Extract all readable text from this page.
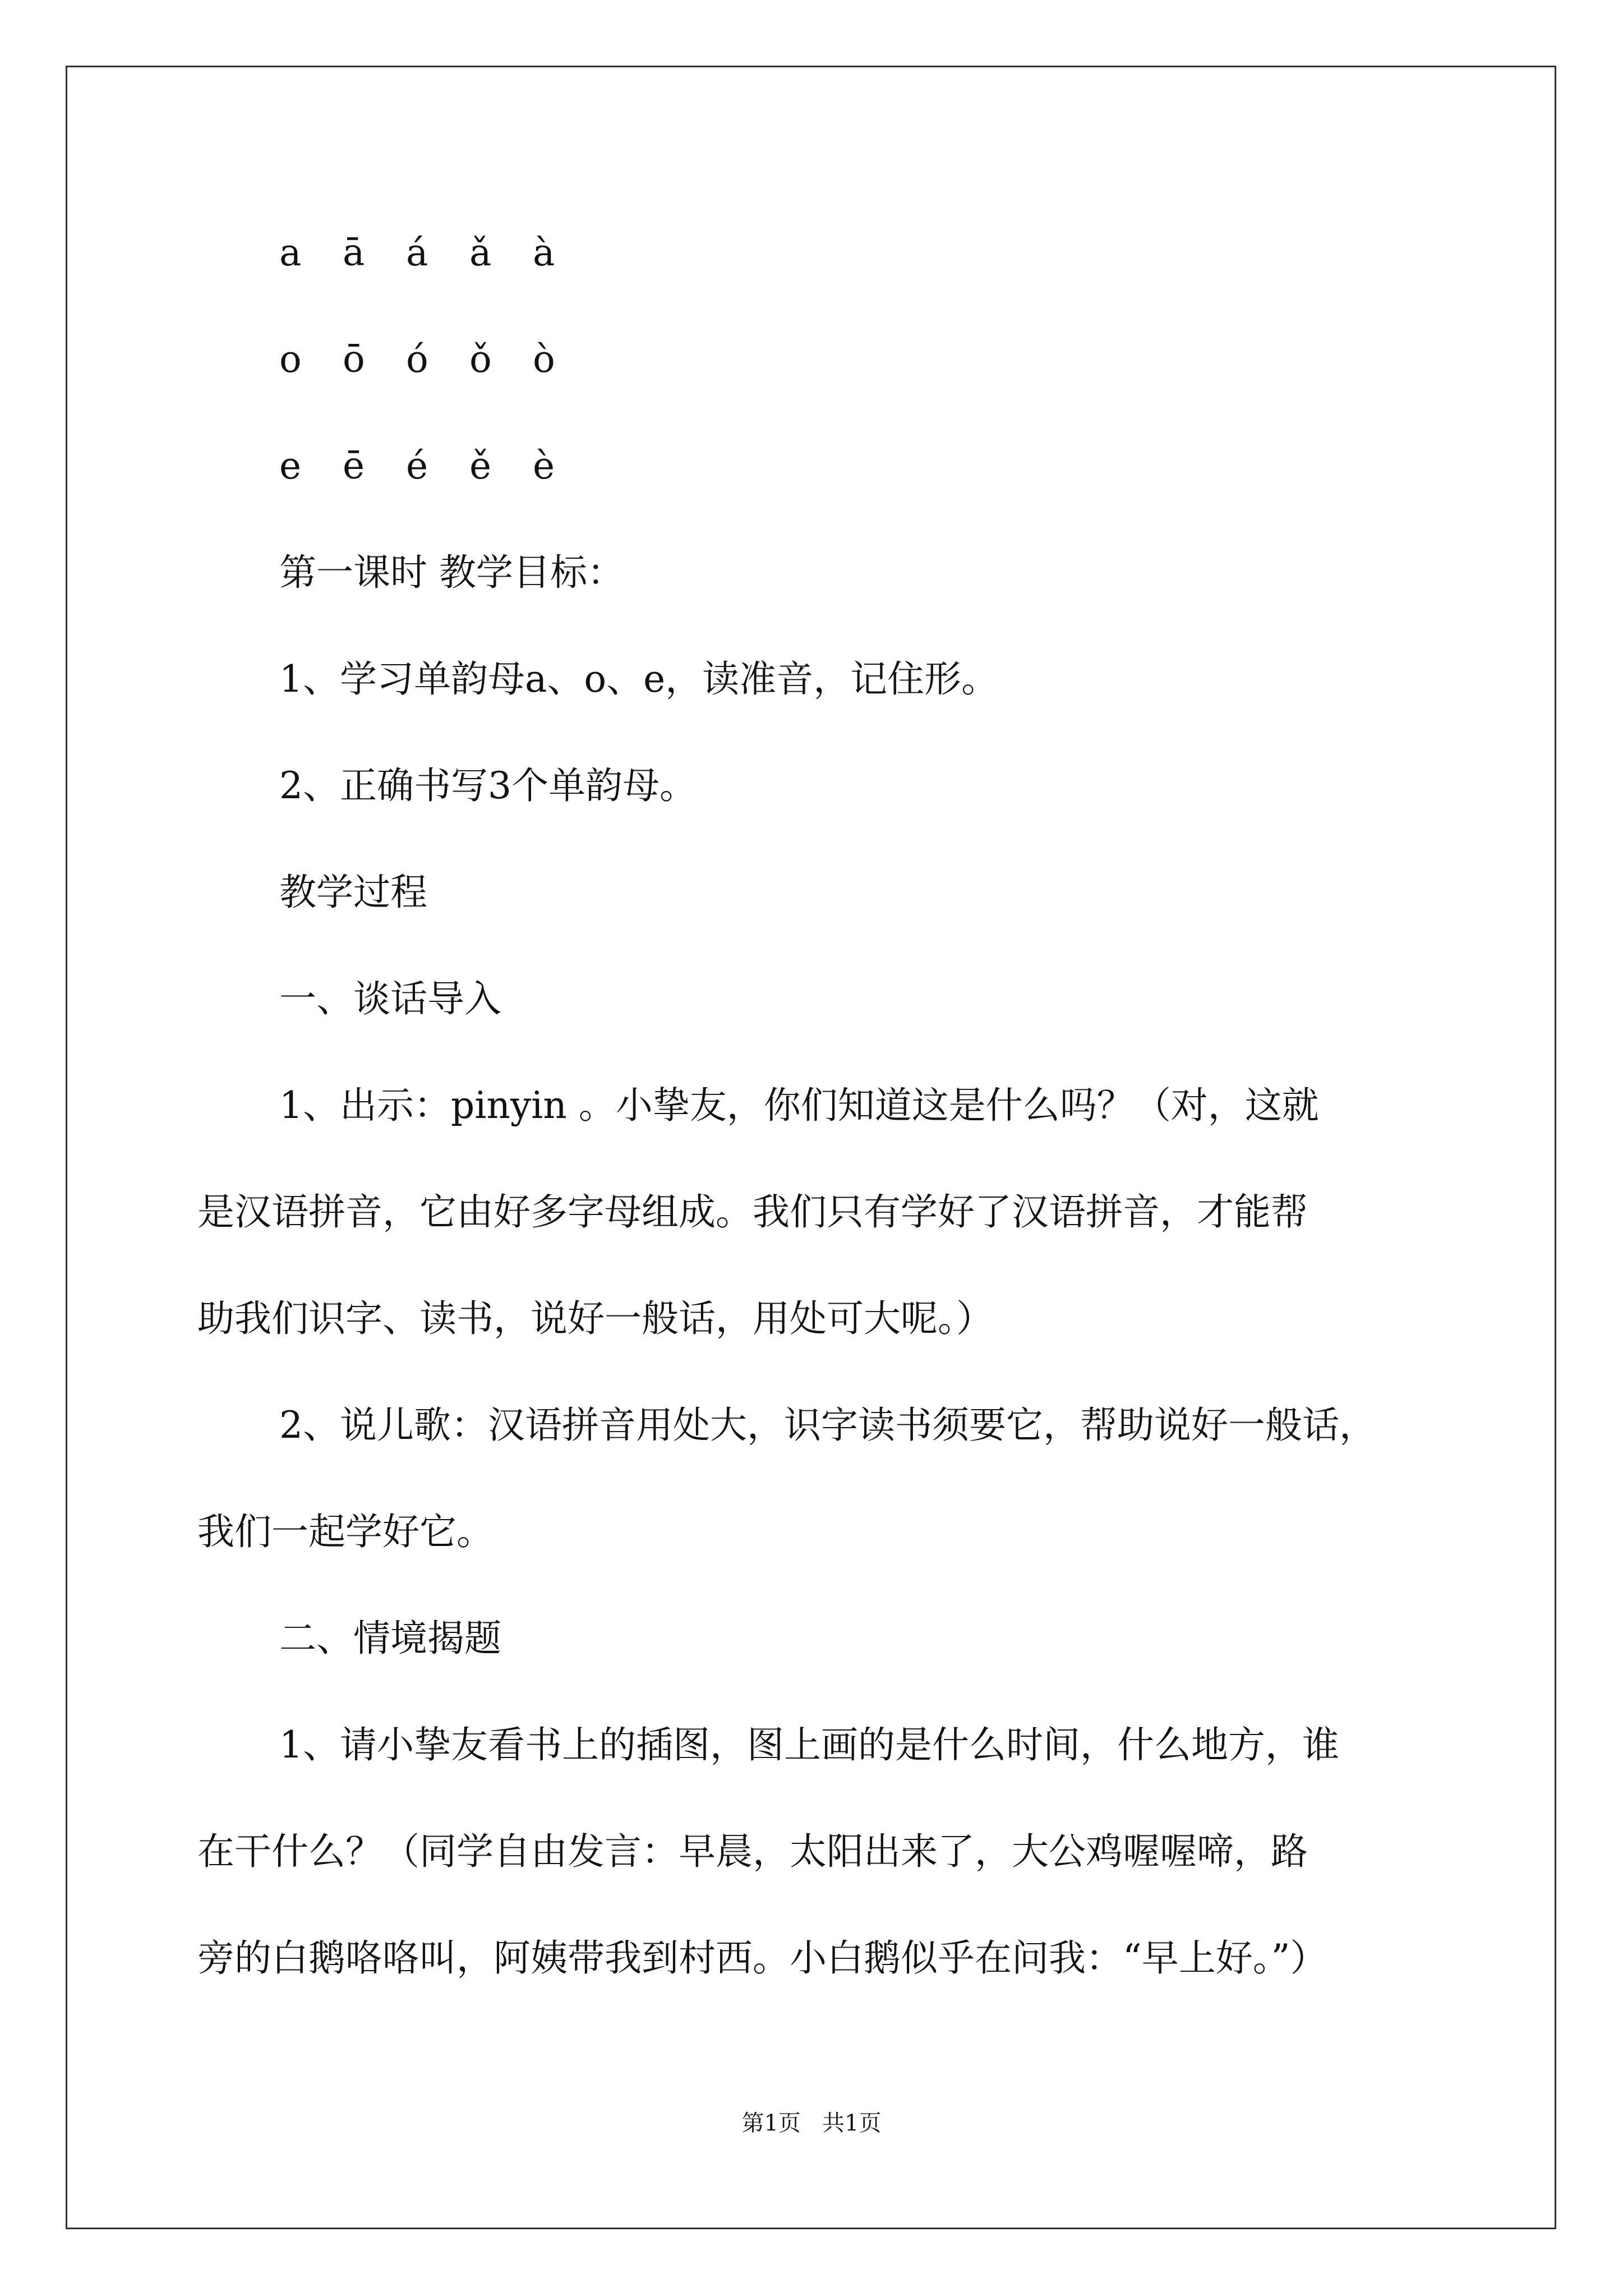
a ā á ǎ à
o ō ó ǒ ò
e ē é ě è
第一课时 教学目标：
1、学习单韵母a、o、e，读准音，记住形。
2、正确书写3个单韵母。
教学过程
一、谈话导入
1、出示：pinyin 。小挚友，你们知道这是什么吗？（对，这就
是汉语拼音，它由好多字母组成。我们只有学好了汉语拼音，才能帮
助我们识字、读书，说好一般话，用处可大呢。）
2、说儿歌：汉语拼音用处大，识字读书须要它，帮助说好一般话，
我们一起学好它。
二、情境揭题
1、请小挚友看书上的插图，图上画的是什么时间，什么地方，谁
在干什么？（同学自由发言：早晨，太阳出来了，大公鸡喔喔啼，路
旁的白鹅咯咯叫，阿姨带我到村西。小白鹅似乎在问我：“早上好。”）
第1页   共1页
